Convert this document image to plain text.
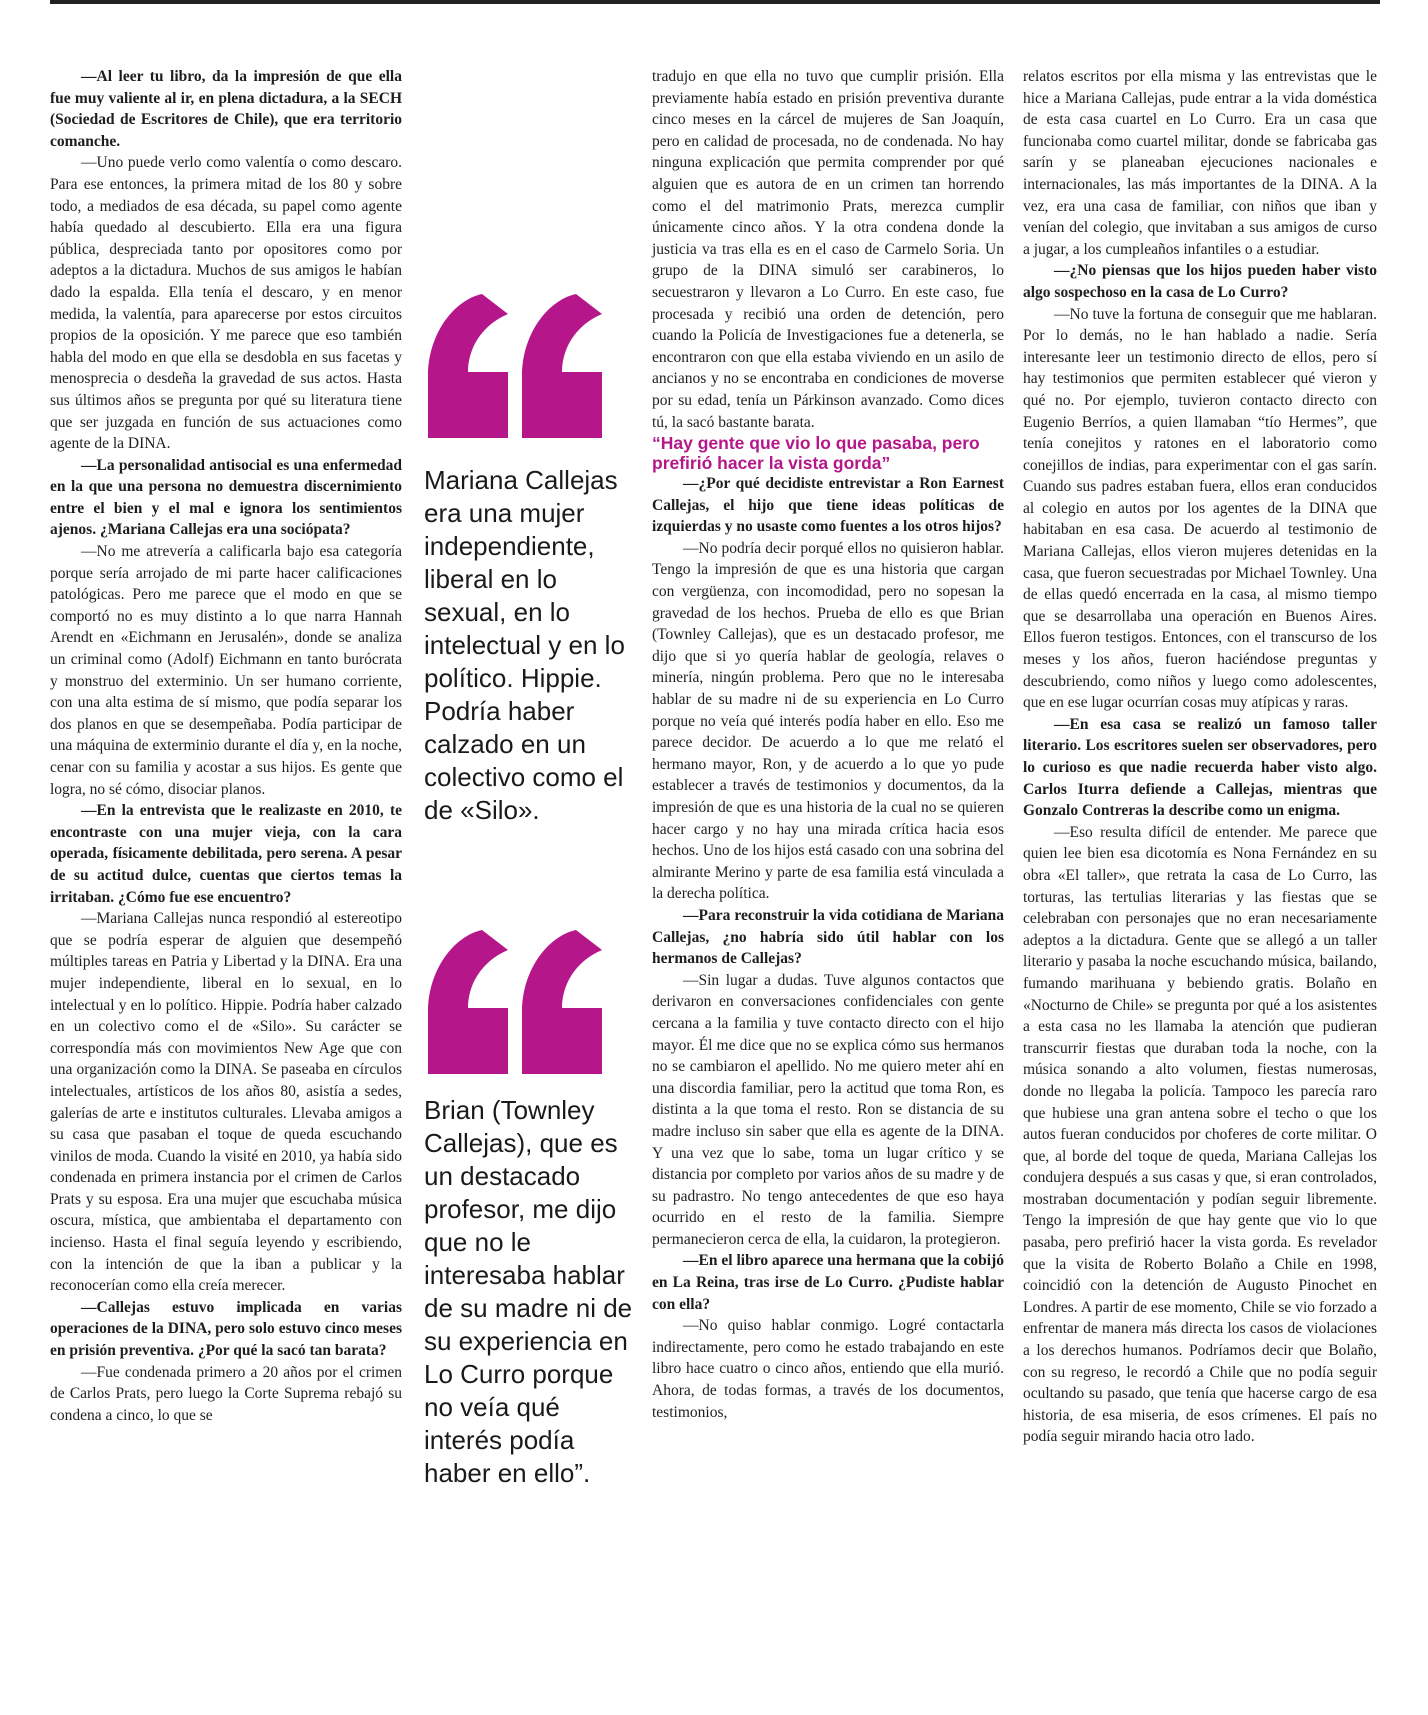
—Al leer tu libro, da la impresión de que ella fue muy valiente al ir, en plena dictadura, a la SECH (Sociedad de Escritores de Chile), que era territorio comanche.

—Uno puede verlo como valentía o como descaro. Para ese entonces, la primera mitad de los 80 y sobre todo, a mediados de esa década, su papel como agente había quedado al descubierto. Ella era una figura pública, despreciada tanto por opositores como por adeptos a la dictadura. Muchos de sus amigos le habían dado la espalda. Ella tenía el descaro, y en menor medida, la valentía, para aparecerse por estos circuitos propios de la oposición. Y me parece que eso también habla del modo en que ella se desdobla en sus facetas y menosprecia o desdeña la gravedad de sus actos. Hasta sus últimos años se pregunta por qué su literatura tiene que ser juzgada en función de sus actuaciones como agente de la DINA.

—La personalidad antisocial es una enfermedad en la que una persona no demuestra discernimiento entre el bien y el mal e ignora los sentimientos ajenos. ¿Mariana Callejas era una sociópata?

—No me atrevería a calificarla bajo esa categoría porque sería arrojado de mi parte hacer calificaciones patológicas. Pero me parece que el modo en que se comportó no es muy distinto a lo que narra Hannah Arendt en «Eichmann en Jerusalén», donde se analiza un criminal como (Adolf) Eichmann en tanto burócrata y monstruo del exterminio. Un ser humano corriente, con una alta estima de sí mismo, que podía separar los dos planos en que se desempeñaba. Podía participar de una máquina de exterminio durante el día y, en la noche, cenar con su familia y acostar a sus hijos. Es gente que logra, no sé cómo, disociar planos.

—En la entrevista que le realizaste en 2010, te encontraste con una mujer vieja, con la cara operada, físicamente debilitada, pero serena. A pesar de su actitud dulce, cuentas que ciertos temas la irritaban. ¿Cómo fue ese encuentro?

—Mariana Callejas nunca respondió al estereotipo que se podría esperar de alguien que desempeñó múltiples tareas en Patria y Libertad y la DINA. Era una mujer independiente, liberal en lo sexual, en lo intelectual y en lo político. Hippie. Podría haber calzado en un colectivo como el de «Silo». Su carácter se correspondía más con movimientos New Age que con una organización como la DINA. Se paseaba en círculos intelectuales, artísticos de los años 80, asistía a sedes, galerías de arte e institutos culturales. Llevaba amigos a su casa que pasaban el toque de queda escuchando vinilos de moda. Cuando la visité en 2010, ya había sido condenada en primera instancia por el crimen de Carlos Prats y su esposa. Era una mujer que escuchaba música oscura, mística, que ambientaba el departamento con incienso. Hasta el final seguía leyendo y escribiendo, con la intención de que la iban a publicar y la reconocerían como ella creía merecer.

—Callejas estuvo implicada en varias operaciones de la DINA, pero solo estuvo cinco meses en prisión preventiva. ¿Por qué la sacó tan barata?

—Fue condenada primero a 20 años por el crimen de Carlos Prats, pero luego la Corte Suprema rebajó su condena a cinco, lo que se

Mariana Callejas era una mujer independiente, liberal en lo sexual, en lo intelectual y en lo político. Hippie. Podría haber calzado en un colectivo como el de «Silo».
Brian (Townley Callejas), que es un destacado profesor, me dijo que no le interesaba hablar de su madre ni de su experiencia en Lo Curro porque no veía qué interés podía haber en ello”.

tradujo en que ella no tuvo que cumplir prisión. Ella previamente había estado en prisión preventiva durante cinco meses en la cárcel de mujeres de San Joaquín, pero en calidad de procesada, no de condenada. No hay ninguna explicación que permita comprender por qué alguien que es autora de en un crimen tan horrendo como el del matrimonio Prats, merezca cumplir únicamente cinco años. Y la otra condena donde la justicia va tras ella es en el caso de Carmelo Soria. Un grupo de la DINA simuló ser carabineros, lo secuestraron y llevaron a Lo Curro. En este caso, fue procesada y recibió una orden de detención, pero cuando la Policía de Investigaciones fue a detenerla, se encontraron con que ella estaba viviendo en un asilo de ancianos y no se encontraba en condiciones de moverse por su edad, tenía un Párkinson avanzado. Como dices tú, la sacó bastante barata.

“Hay gente que vio lo que pasaba, pero prefirió hacer la vista gorda”

—¿Por qué decidiste entrevistar a Ron Earnest Callejas, el hijo que tiene ideas políticas de izquierdas y no usaste como fuentes a los otros hijos?

—No podría decir porqué ellos no quisieron hablar. Tengo la impresión de que es una historia que cargan con vergüenza, con incomodidad, pero no sopesan la gravedad de los hechos. Prueba de ello es que Brian (Townley Callejas), que es un destacado profesor, me dijo que si yo quería hablar de geología, relaves o minería, ningún problema. Pero que no le interesaba hablar de su madre ni de su experiencia en Lo Curro porque no veía qué interés podía haber en ello. Eso me parece decidor. De acuerdo a lo que me relató el hermano mayor, Ron, y de acuerdo a lo que yo pude establecer a través de testimonios y documentos, da la impresión de que es una historia de la cual no se quieren hacer cargo y no hay una mirada crítica hacia esos hechos. Uno de los hijos está casado con una sobrina del almirante Merino y parte de esa familia está vinculada a la derecha política.

—Para reconstruir la vida cotidiana de Mariana Callejas, ¿no habría sido útil hablar con los hermanos de Callejas?

—Sin lugar a dudas. Tuve algunos contactos que derivaron en conversaciones confidenciales con gente cercana a la familia y tuve contacto directo con el hijo mayor. Él me dice que no se explica cómo sus hermanos no se cambiaron el apellido. No me quiero meter ahí en una discordia familiar, pero la actitud que toma Ron, es distinta a la que toma el resto. Ron se distancia de su madre incluso sin saber que ella es agente de la DINA. Y una vez que lo sabe, toma un lugar crítico y se distancia por completo por varios años de su madre y de su padrastro. No tengo antecedentes de que eso haya ocurrido en el resto de la familia. Siempre permanecieron cerca de ella, la cuidaron, la protegieron.

—En el libro aparece una hermana que la cobijó en La Reina, tras irse de Lo Curro. ¿Pudiste hablar con ella?

—No quiso hablar conmigo. Logré contactarla indirectamente, pero como he estado trabajando en este libro hace cuatro o cinco años, entiendo que ella murió. Ahora, de todas formas, a través de los documentos, testimonios,

relatos escritos por ella misma y las entrevistas que le hice a Mariana Callejas, pude entrar a la vida doméstica de esta casa cuartel en Lo Curro. Era un casa que funcionaba como cuartel militar, donde se fabricaba gas sarín y se planeaban ejecuciones nacionales e internacionales, las más importantes de la DINA. A la vez, era una casa de familiar, con niños que iban y venían del colegio, que invitaban a sus amigos de curso a jugar, a los cumpleaños infantiles o a estudiar.

—¿No piensas que los hijos pueden haber visto algo sospechoso en la casa de Lo Curro?

—No tuve la fortuna de conseguir que me hablaran. Por lo demás, no le han hablado a nadie. Sería interesante leer un testimonio directo de ellos, pero sí hay testimonios que permiten establecer qué vieron y qué no. Por ejemplo, tuvieron contacto directo con Eugenio Berríos, a quien llamaban “tío Hermes”, que tenía conejitos y ratones en el laboratorio como conejillos de indias, para experimentar con el gas sarín. Cuando sus padres estaban fuera, ellos eran conducidos al colegio en autos por los agentes de la DINA que habitaban en esa casa. De acuerdo al testimonio de Mariana Callejas, ellos vieron mujeres detenidas en la casa, que fueron secuestradas por Michael Townley. Una de ellas quedó encerrada en la casa, al mismo tiempo que se desarrollaba una operación en Buenos Aires. Ellos fueron testigos. Entonces, con el transcurso de los meses y los años, fueron haciéndose preguntas y descubriendo, como niños y luego como adolescentes, que en ese lugar ocurrían cosas muy atípicas y raras.

—En esa casa se realizó un famoso taller literario. Los escritores suelen ser observadores, pero lo curioso es que nadie recuerda haber visto algo. Carlos Iturra defiende a Callejas, mientras que Gonzalo Contreras la describe como un enigma.

—Eso resulta difícil de entender. Me parece que quien lee bien esa dicotomía es Nona Fernández en su obra «El taller», que retrata la casa de Lo Curro, las torturas, las tertulias literarias y las fiestas que se celebraban con personajes que no eran necesariamente adeptos a la dictadura. Gente que se allegó a un taller literario y pasaba la noche escuchando música, bailando, fumando marihuana y bebiendo gratis. Bolaño en «Nocturno de Chile» se pregunta por qué a los asistentes a esta casa no les llamaba la atención que pudieran transcurrir fiestas que duraban toda la noche, con la música sonando a alto volumen, fiestas numerosas, donde no llegaba la policía. Tampoco les parecía raro que hubiese una gran antena sobre el techo o que los autos fueran conducidos por choferes de corte militar. O que, al borde del toque de queda, Mariana Callejas los condujera después a sus casas y que, si eran controlados, mostraban documentación y podían seguir libremente. Tengo la impresión de que hay gente que vio lo que pasaba, pero prefirió hacer la vista gorda. Es revelador que la visita de Roberto Bolaño a Chile en 1998, coincidió con la detención de Augusto Pinochet en Londres. A partir de ese momento, Chile se vio forzado a enfrentar de manera más directa los casos de violaciones a los derechos humanos. Podríamos decir que Bolaño, con su regreso, le recordó a Chile que no podía seguir ocultando su pasado, que tenía que hacerse cargo de esa historia, de esa miseria, de esos crímenes. El país no podía seguir mirando hacia otro lado.
